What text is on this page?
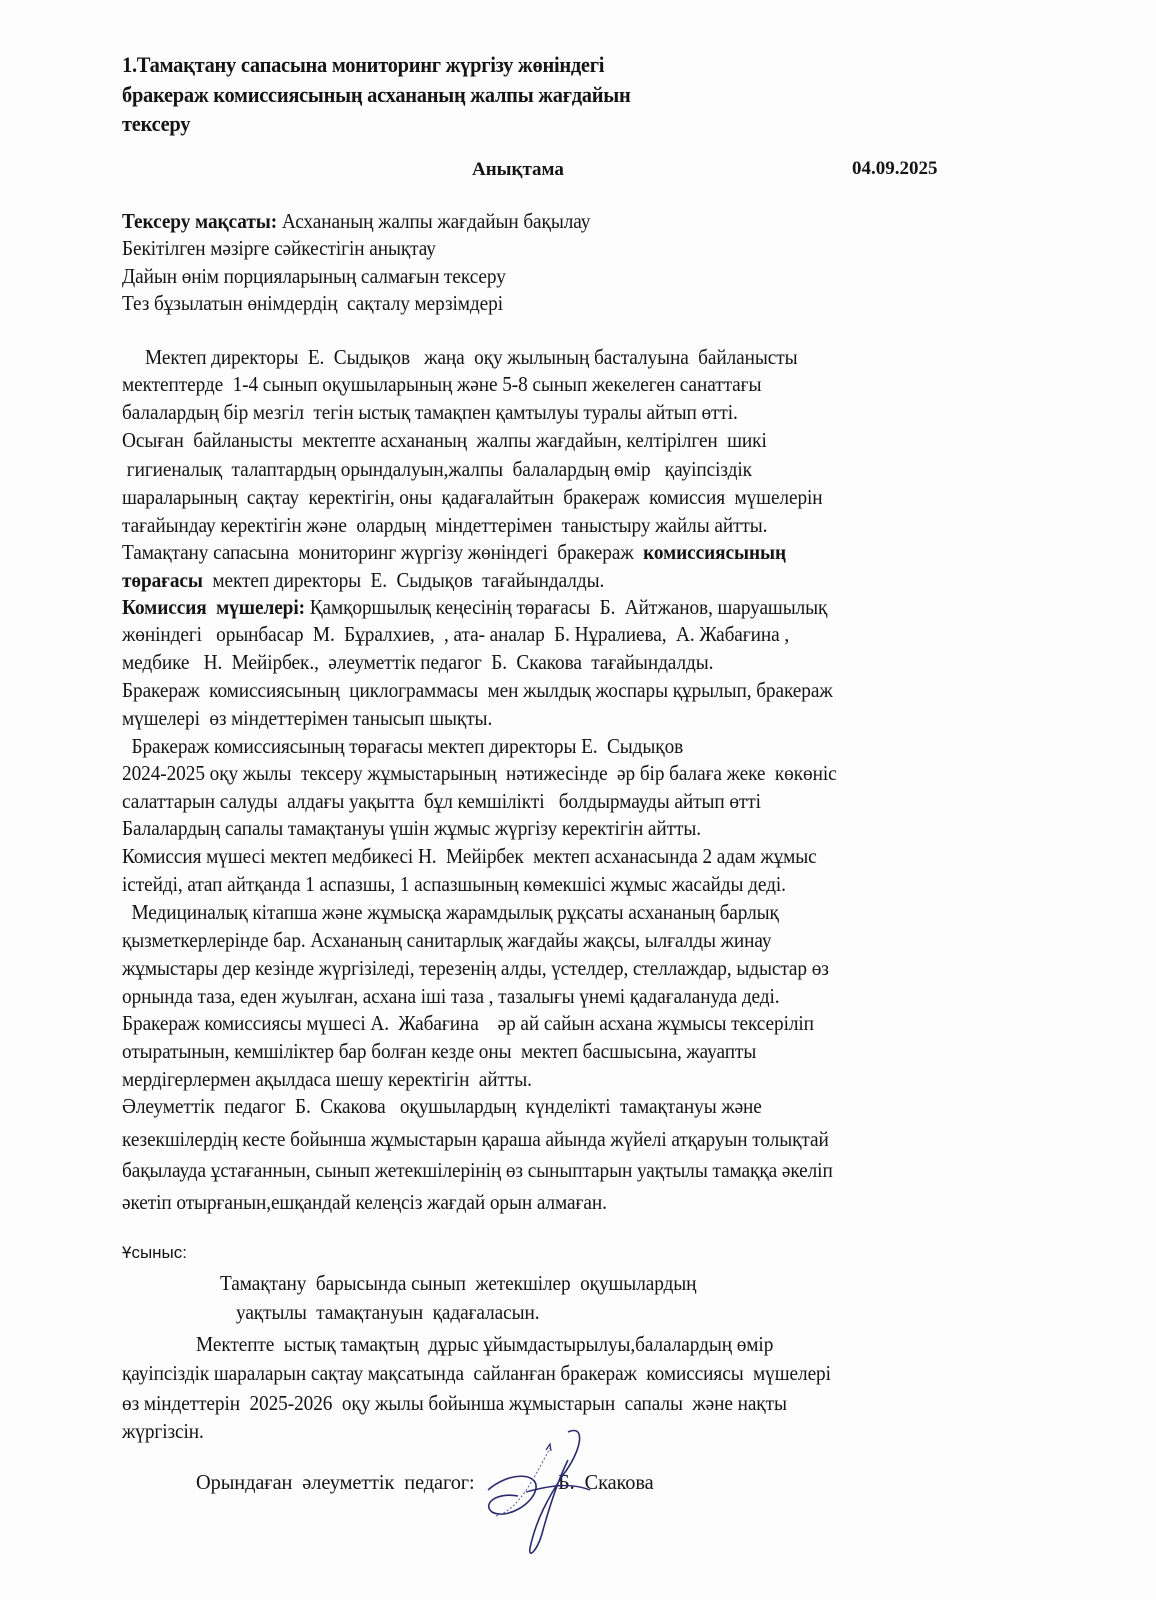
1.Тамақтану сапасына мониторинг жүргізу жөніндегі
бракераж комиссиясының асхананың жалпы жағдайын
тексеру
Анықтама	04.09.2025
Тексеру мақсаты: Асхананың жалпы жағдайын бақылау
Бекітілген мәзірге сәйкестігін анықтау
Дайын өнім порцияларының салмағын тексеру
Тез бұзылатын өнімдердің  сақталу мерзімдері
Мектеп директоры  Е.  Сыдықов   жаңа  оқу жылының басталуына  байланысты
мектептерде  1-4 сынып оқушыларының және 5-8 сынып жекелеген санаттағы
балалардың бір мезгіл  тегін ыстық тамақпен қамтылуы туралы айтып өтті.
Осыған  байланысты  мектепте асхананың  жалпы жағдайын, келтірілген  шикі
гигиеналық  талаптардың орындалуын,жалпы  балалардың өмір   қауіпсіздік
шараларының  сақтау  керектігін, оны  қадағалайтын  бракераж  комиссия  мүшелерін
тағайындау керектігін және  олардың  міндеттерімен  таныстыру жайлы айтты.
Тамақтану сапасына  мониторинг жүргізу жөніндегі  бракераж  комиссиясының
төрағасы  мектеп директоры  Е.  Сыдықов  тағайындалды.
Комиссия  мүшелері: Қамқоршылық кеңесінің төрағасы  Б.  Айтжанов, шаруашылық
жөніндегі   орынбасар  М.  Бұралхиев,  , ата- аналар  Б. Нұралиева,  А. Жабағина ,
медбике   Н.  Мейірбек.,  әлеуметтік педагог  Б.  Скакова  тағайындалды.
Бракераж  комиссиясының  циклограммасы  мен жылдық жоспары құрылып, бракераж
мүшелері  өз міндеттерімен танысып шықты.
Бракераж комиссиясының төрағасы мектеп директоры Е.  Сыдықов
2024-2025 оқу жылы  тексеру жұмыстарының  нәтижесінде  әр бір балаға жеке  көкөніс
салаттарын салуды  алдағы уақытта  бұл кемшілікті   болдырмауды айтып өтті
Балалардың сапалы тамақтануы үшін жұмыс жүргізу керектігін айтты.
Комиссия мүшесі мектеп медбикесі Н.  Мейірбек  мектеп асханасында 2 адам жұмыс
істейді, атап айтқанда 1 аспазшы, 1 аспазшының көмекшісі жұмыс жасайды деді.
Медициналық кітапша және жұмысқа жарамдылық рұқсаты асхананың барлық
қызметкерлерінде бар. Асхананың санитарлық жағдайы жақсы, ылғалды жинау
жұмыстары дер кезінде жүргізіледі, терезенің алды, үстелдер, стеллаждар, ыдыстар өз
орнында таза, еден жуылған, асхана іші таза , тазалығы үнемі қадағалануда деді.
Бракераж комиссиясы мүшесі А.  Жабағина    әр ай сайын асхана жұмысы тексеріліп
отыратынын, кемшіліктер бар болған кезде оны  мектеп басшысына, жауапты
мердігерлермен ақылдаса шешу керектігін  айтты.
Әлеуметтік  педагог  Б.  Скакова   оқушылардың  күнделікті  тамақтануы және
кезекшілердің кесте бойынша жұмыстарын қараша айында жүйелі атқаруын толықтай
бақылауда ұстағаннын, сынып жетекшілерінің өз сыныптарын уақтылы тамаққа әкеліп
әкетіп отырғанын,ешқандай келеңсіз жағдай орын алмаған.
Ұсыныс:
Тамақтану  барысында сынып  жетекшілер  оқушылардың
уақтылы  тамақтануын  қадағаласын.
Мектепте  ыстық тамақтың  дұрыс ұйымдастырылуы,балалардың өмір
қауіпсіздік шараларын сақтау мақсатында  сайланған бракераж  комиссиясы  мүшелері
өз міндеттерін  2025-2026  оқу жылы бойынша жұмыстарын  сапалы  және нақты
жүргізсін.
Орындаған  әлеуметтік  педагог:	Б.  Скакова
